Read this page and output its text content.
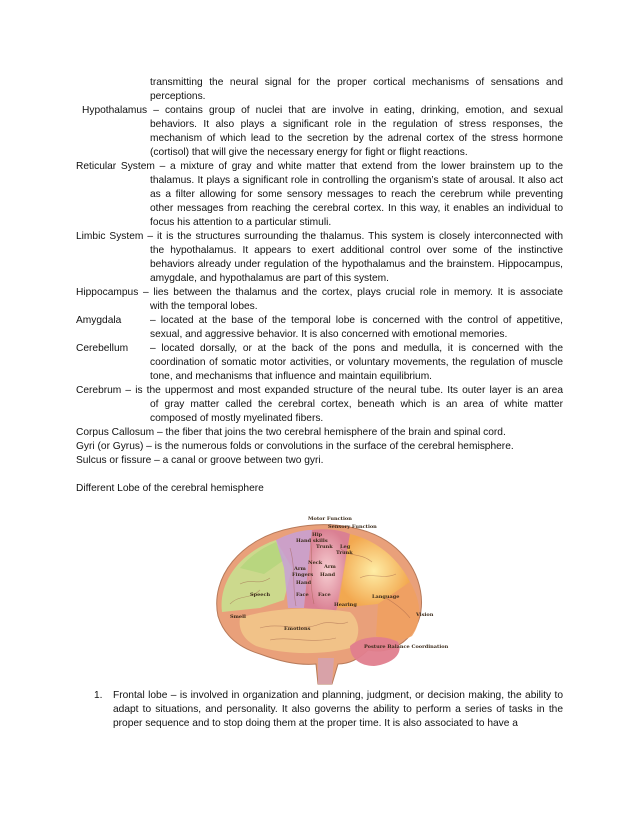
transmitting the neural signal for the proper cortical mechanisms of sensations and
perceptions.
Hypothalamus – contains group of nuclei that are involve in eating, drinking, emotion, and sexual
behaviors. It also plays a significant role in the regulation of stress responses, the mechanism of which lead to the secretion by the adrenal cortex of the stress hormone (cortisol) that will give the necessary energy for fight or flight reactions.
Reticular System – a mixture of gray and white matter that extend from the lower brainstem up to the
thalamus. It plays a significant role in controlling the organism’s state of arousal. It also act as a filter allowing for some sensory messages to reach the cerebrum while preventing other messages from reaching the cerebral cortex. In this way, it enables an individual to focus his attention to a particular stimuli.
Limbic System – it is the structures surrounding the thalamus. This system is closely interconnected with
the hypothalamus. It appears to exert additional control over some of the instinctive behaviors already under regulation of the hypothalamus and the brainstem. Hippocampus, amygdale, and hypothalamus are part of this system.
Hippocampus – lies between the thalamus and the cortex, plays crucial role in memory. It is associate
with the temporal lobes.
Amygdala	– located at the base of the temporal lobe is concerned with the control of appetitive,
sexual, and aggressive behavior. It is also concerned with emotional memories.
Cerebellum – located dorsally, or at the back of the pons and medulla, it is concerned with the
coordination of somatic motor activities, or voluntary movements, the regulation of muscle tone, and mechanisms that influence and maintain equilibrium.
Cerebrum – is the uppermost and most expanded structure of the neural tube. Its outer layer is an area
of gray matter called the cerebral cortex, beneath which is an area of white matter composed of mostly myelinated fibers.
Corpus Callosum – the fiber that joins the two cerebral hemisphere of the brain and spinal cord.
Gyri (or Gyrus) – is the numerous folds or convolutions in the surface of the cerebral hemisphere.
Sulcus or fissure – a canal or groove between two gyri.
Different Lobe of the cerebral hemisphere
Motor Function
Sensory Function
Hip
Hand skills
Trunk Leg
Trunk
Neck
Arm	Arm
Fingers Hand
Hand
Speech	Face Face
Hearing
Language
Smell
Emotions
Vision
Posture Balance Coordination
1. Frontal lobe – is involved in organization and planning, judgment, or decision making, the ability to adapt to situations, and personality. It also governs the ability to perform a series of tasks in the proper sequence and to stop doing them at the proper time. It is also associated to have a
